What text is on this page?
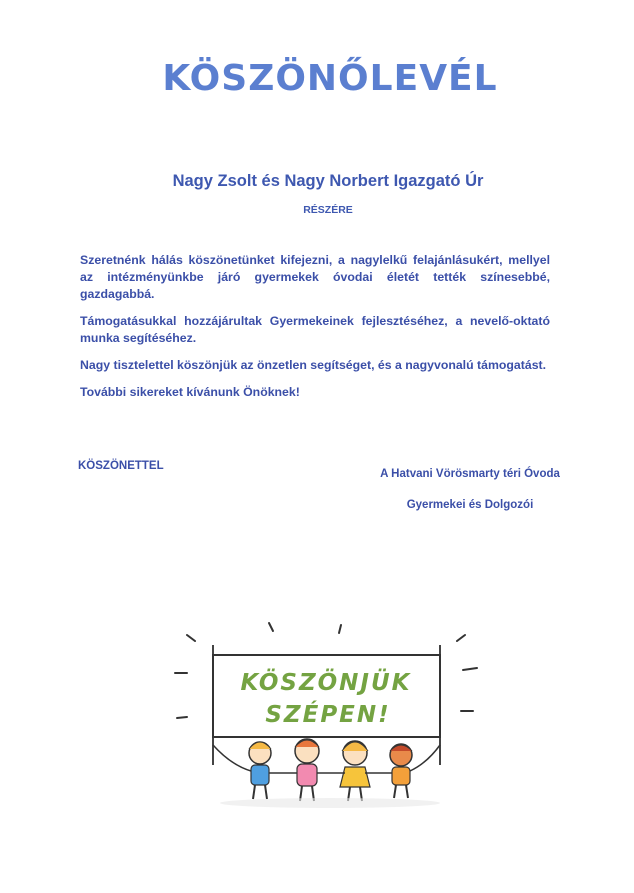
KÖSZÖNŐLEVÉL
Nagy Zsolt és Nagy Norbert Igazgató Úr
RÉSZÉRE

Szeretnénk hálás köszönetünket kifejezni, a nagylelkű felajánlásukért, mellyel az intézményünkbe járó gyermekek óvodai életét tették színesebbé, gazdagabbá.

Támogatásukkal hozzájárultak Gyermekeinek fejlesztéséhez, a nevelő-oktató munka segítéséhez.

Nagy tisztelettel köszönjük az önzetlen segítséget, és a nagyvonalú támogatást.

További sikereket kívánunk Önöknek!

KÖSZÖNETTEL
A Hatvani Vörösmarty téri Óvoda
Gyermekei és Dolgozói
KÖSZÖNJÜK
SZÉPEN!
